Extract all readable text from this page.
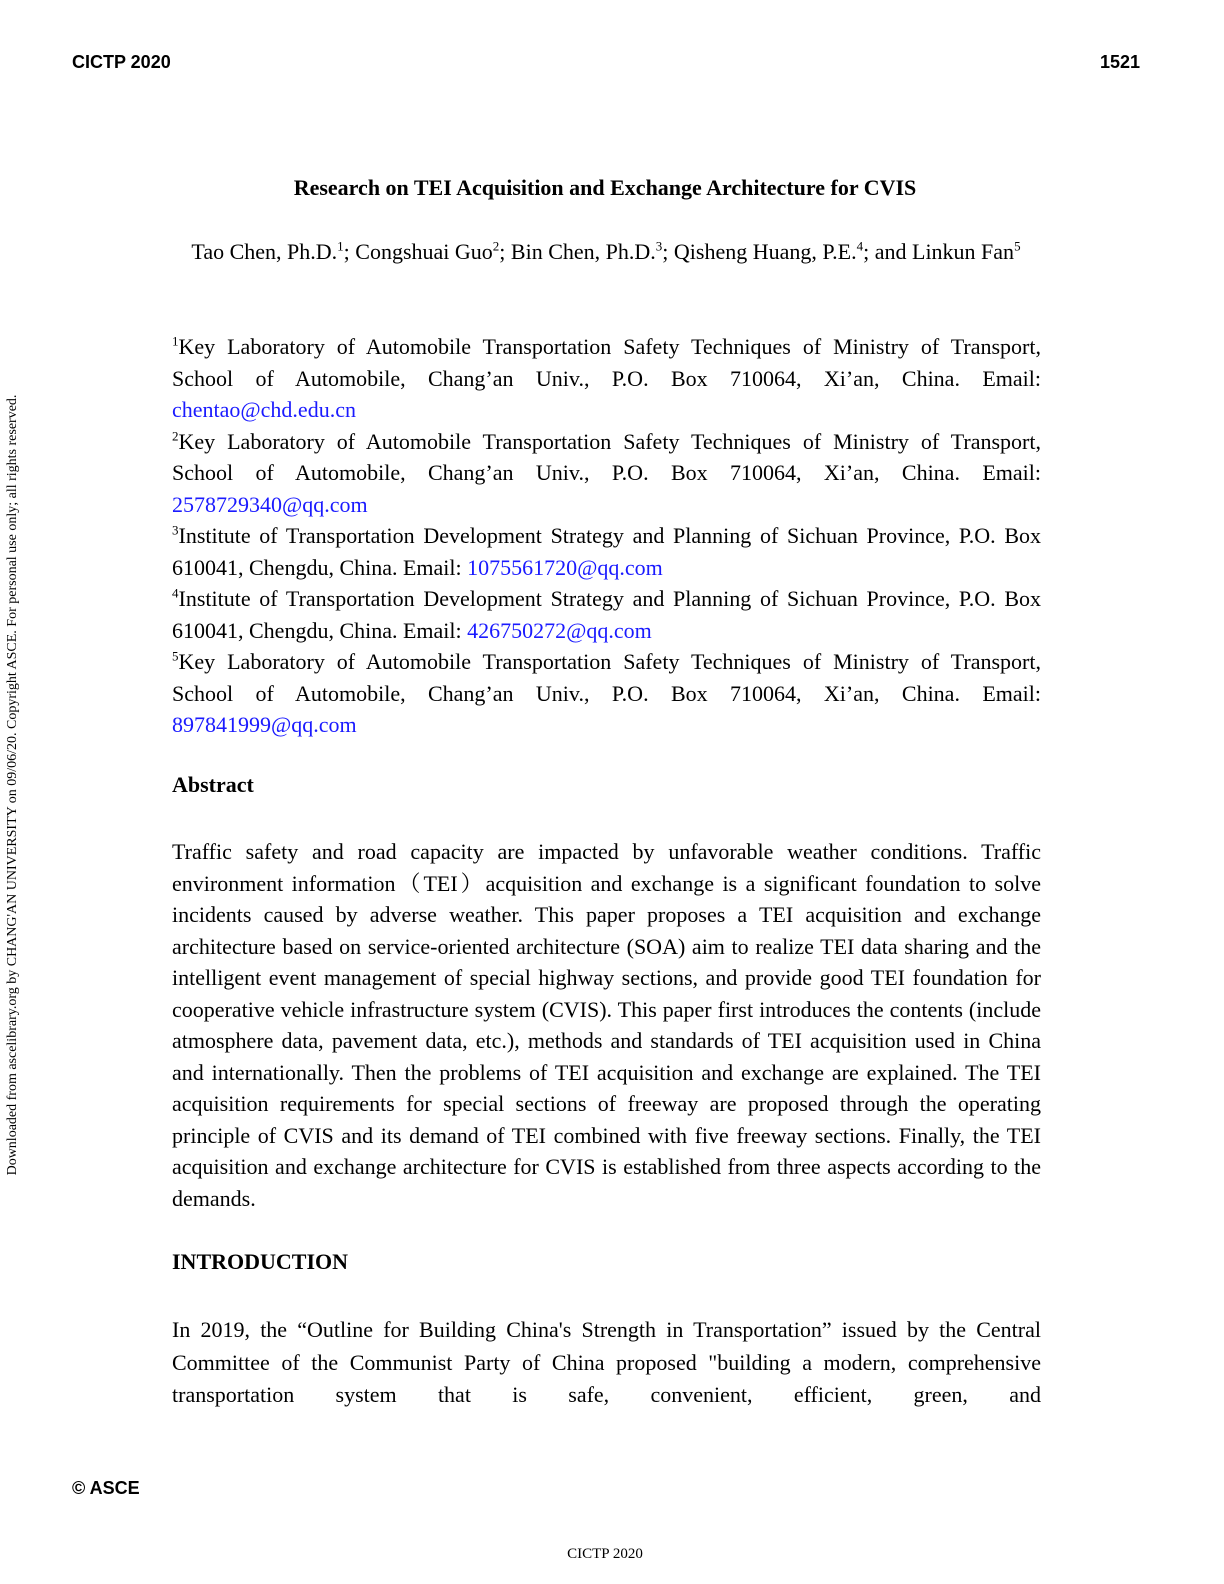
CICTP 2020	1521
Downloaded from ascelibrary.org by CHANG'AN UNIVERSITY on 09/06/20. Copyright ASCE. For personal use only; all rights reserved.
Research on TEI Acquisition and Exchange Architecture for CVIS
Tao Chen, Ph.D.$^1$; Congshuai Guo$^2$; Bin Chen, Ph.D.$^3$; Qisheng Huang, P.E.$^4$; and Linkun Fan$^5$
$^1$Key Laboratory of Automobile Transportation Safety Techniques of Ministry of Transport, School of Automobile, Chang’an Univ., P.O. Box 710064, Xi’an, China. Email: chentao@chd.edu.cn
$^2$Key Laboratory of Automobile Transportation Safety Techniques of Ministry of Transport, School of Automobile, Chang’an Univ., P.O. Box 710064, Xi’an, China. Email: 2578729340@qq.com
$^3$Institute of Transportation Development Strategy and Planning of Sichuan Province, P.O. Box 610041, Chengdu, China. Email: 1075561720@qq.com
$^4$Institute of Transportation Development Strategy and Planning of Sichuan Province, P.O. Box 610041, Chengdu, China. Email: 426750272@qq.com
$^5$Key Laboratory of Automobile Transportation Safety Techniques of Ministry of Transport, School of Automobile, Chang’an Univ., P.O. Box 710064, Xi’an, China. Email: 897841999@qq.com
Abstract

Traffic safety and road capacity are impacted by unfavorable weather conditions. Traffic environment information（TEI）acquisition and exchange is a significant foundation to solve incidents caused by adverse weather. This paper proposes a TEI acquisition and exchange architecture based on service-oriented architecture (SOA) aim to realize TEI data sharing and the intelligent event management of special highway sections, and provide good TEI foundation for cooperative vehicle infrastructure system (CVIS). This paper first introduces the contents (include atmosphere data, pavement data, etc.), methods and standards of TEI acquisition used in China and internationally. Then the problems of TEI acquisition and exchange are explained. The TEI acquisition requirements for special sections of freeway are proposed through the operating principle of CVIS and its demand of TEI combined with five freeway sections. Finally, the TEI acquisition and exchange architecture for CVIS is established from three aspects according to the demands.

INTRODUCTION

In 2019, the “Outline for Building China's Strength in Transportation” issued by the Central Committee of the Communist Party of China proposed "building a modern, comprehensive transportation system that is safe, convenient, efficient, green, and

© ASCE
CICTP 2020
